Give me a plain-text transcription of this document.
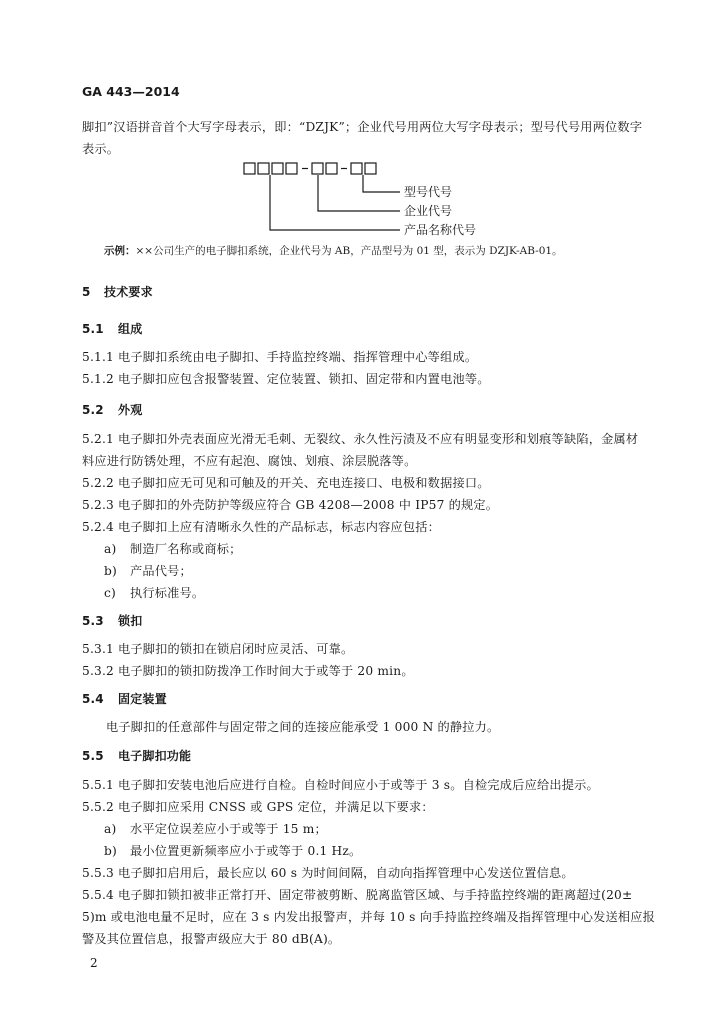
GA 443—2014
脚扣”汉语拼音首个大写字母表示，即：“DZJK”；企业代号用两位大写字母表示；型号代号用两位数字
表示。
型号代号
企业代号
产品名称代号
示例：××公司生产的电子脚扣系统，企业代号为 AB，产品型号为 01 型，表示为 DZJK-AB-01。
5 技术要求
5.1 组成
5.1.1 电子脚扣系统由电子脚扣、手持监控终端、指挥管理中心等组成。
5.1.2 电子脚扣应包含报警装置、定位装置、锁扣、固定带和内置电池等。
5.2 外观
5.2.1 电子脚扣外壳表面应光滑无毛刺、无裂纹、永久性污渍及不应有明显变形和划痕等缺陷，金属材
料应进行防锈处理，不应有起泡、腐蚀、划痕、涂层脱落等。
5.2.2 电子脚扣应无可见和可触及的开关、充电连接口、电极和数据接口。
5.2.3 电子脚扣的外壳防护等级应符合 GB 4208—2008 中 IP57 的规定。
5.2.4 电子脚扣上应有清晰永久性的产品标志，标志内容应包括：
a) 制造厂名称或商标；
b) 产品代号；
c) 执行标准号。
5.3 锁扣
5.3.1 电子脚扣的锁扣在锁启闭时应灵活、可靠。
5.3.2 电子脚扣的锁扣防拨净工作时间大于或等于 20 min。
5.4 固定装置
电子脚扣的任意部件与固定带之间的连接应能承受 1 000 N 的静拉力。
5.5 电子脚扣功能
5.5.1 电子脚扣安装电池后应进行自检。自检时间应小于或等于 3 s。自检完成后应给出提示。
5.5.2 电子脚扣应采用 CNSS 或 GPS 定位，并满足以下要求：
a) 水平定位误差应小于或等于 15 m；
b) 最小位置更新频率应小于或等于 0.1 Hz。
5.5.3 电子脚扣启用后，最长应以 60 s 为时间间隔，自动向指挥管理中心发送位置信息。
5.5.4 电子脚扣锁扣被非正常打开、固定带被剪断、脱离监管区域、与手持监控终端的距离超过(20±
5)m 或电池电量不足时，应在 3 s 内发出报警声，并每 10 s 向手持监控终端及指挥管理中心发送相应报
警及其位置信息，报警声级应大于 80 dB(A)。
2
